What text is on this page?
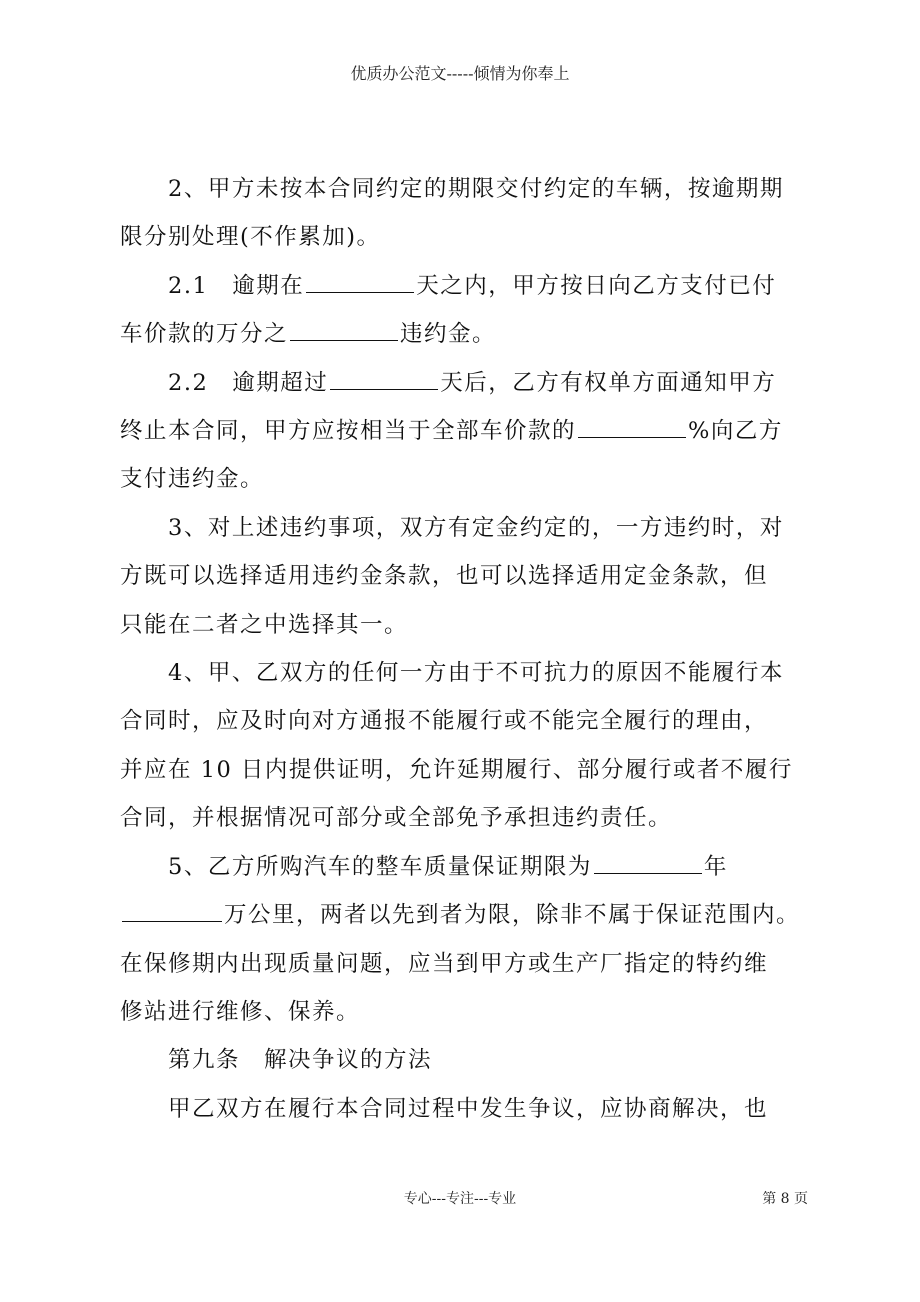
优质办公范文-----倾情为你奉上
2、甲方未按本合同约定的期限交付约定的车辆，按逾期期
限分别处理(不作累加)。
2.1　逾期在	天之内，甲方按日向乙方支付已付
车价款的万分之	违约金。
2.2　逾期超过	天后，乙方有权单方面通知甲方
终止本合同，甲方应按相当于全部车价款的	%向乙方
支付违约金。
3、对上述违约事项，双方有定金约定的，一方违约时，对
方既可以选择适用违约金条款，也可以选择适用定金条款，但
只能在二者之中选择其一。
4、甲、乙双方的任何一方由于不可抗力的原因不能履行本
合同时，应及时向对方通报不能履行或不能完全履行的理由，
并应在 10 日内提供证明，允许延期履行、部分履行或者不履行
合同，并根据情况可部分或全部免予承担违约责任。
5、乙方所购汽车的整车质量保证期限为	年
万公里，两者以先到者为限，除非不属于保证范围内。
在保修期内出现质量问题，应当到甲方或生产厂指定的特约维
修站进行维修、保养。
第九条　解决争议的方法
甲乙双方在履行本合同过程中发生争议，应协商解决，也
专心---专注---专业	第 8 页
